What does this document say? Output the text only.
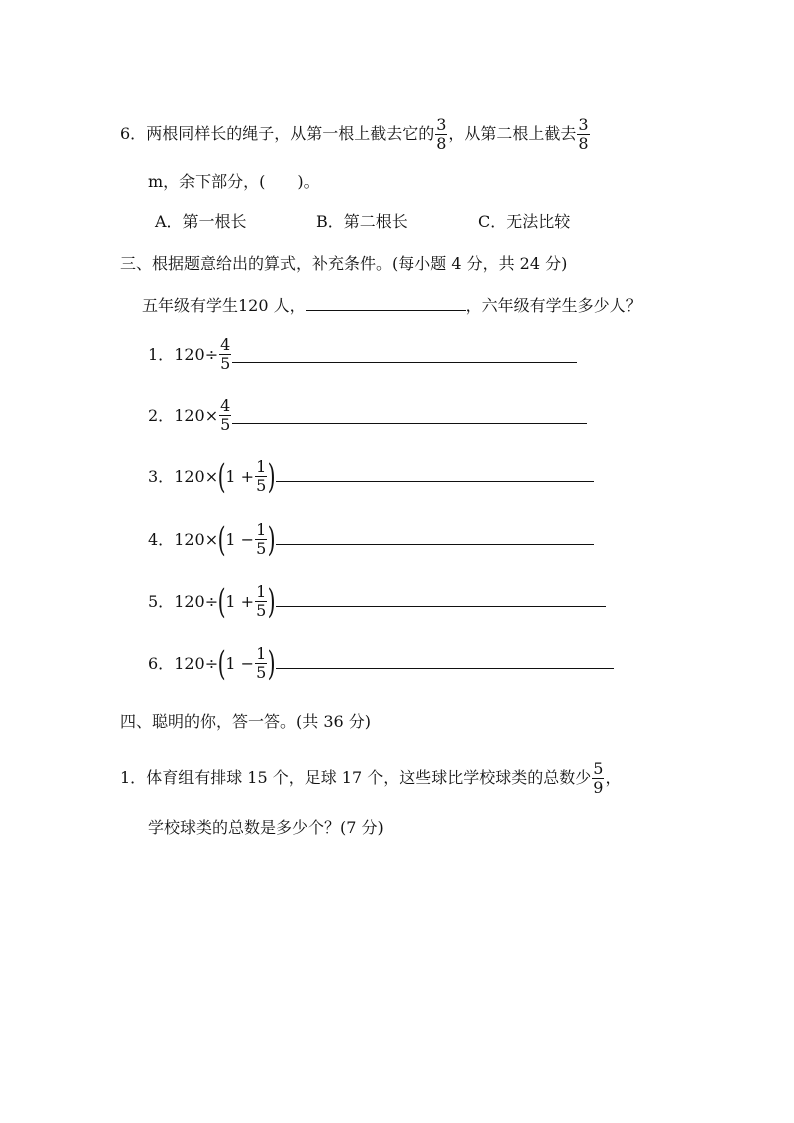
6．两根同样长的绳子，从第一根上截去它的 $\frac{3}{8}$ ，从第二根上截去 $\frac{3}{8}$
m，余下部分，(　　)。
A．第一根长	B．第二根长	C．无法比较
三、根据题意给出的算式，补充条件。(每小题 4 分，共 24 分)
五年级有学生120 人，	，六年级有学生多少人？
1． $120\div \frac{4}{5}$
2． $120\times \frac{4}{5}$
3． 120× ( $1 + \frac{1}{5}$ )
4． 120× ( $1 - \frac{1}{5}$ )
5． 120÷ ( $1 + \frac{1}{5}$ )
6． 120÷ ( $1 - \frac{1}{5}$ )
四、聪明的你，答一答。(共 36 分)
1．体育组有排球 15 个，足球 17 个，这些球比学校球类的总数少 $\frac{5}{9}$ ，
学校球类的总数是多少个？(7 分)
